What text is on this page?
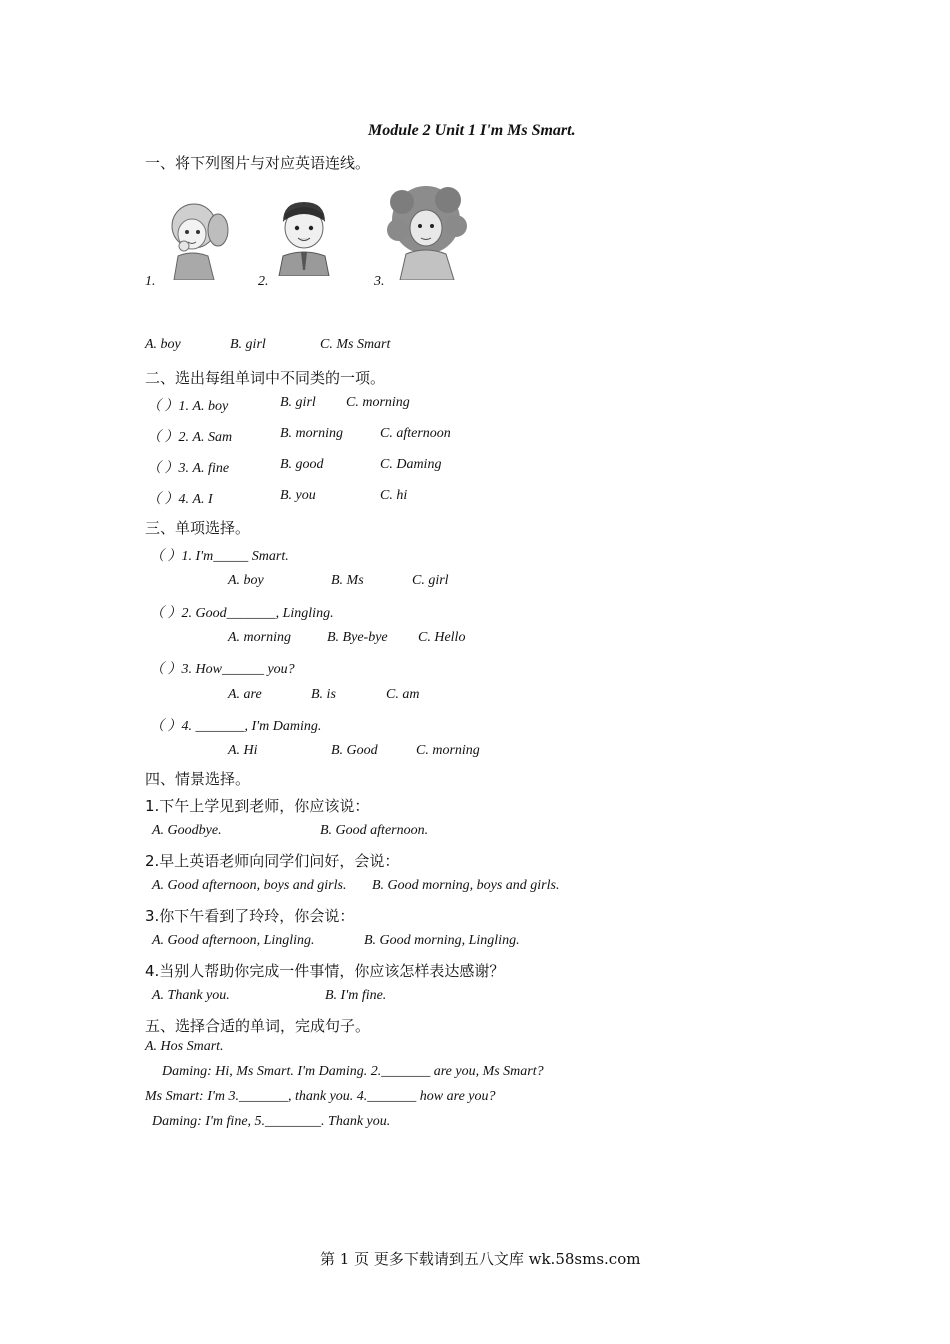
Module 2 Unit 1 I'm Ms Smart.
一、将下列图片与对应英语连线。
1.	2.	3.
A. boy	B. girl	C. Ms Smart
二、选出每组单词中不同类的一项。
（ ）1. A. boy	B. girl C. morning
（ ）2. A. Sam	B. morning	C. afternoon
（ ）3. A. fine	B. good	C. Daming
（ ）4. A. I	B. you	C. hi
三、单项选择。
（ ）1. I'm_____ Smart.
A. boy	B. Ms	C. girl
（ ）2. Good_______, Lingling.
A. morning	B. Bye-bye C. Hello
（ ）3. How______ you?
A. are	B. is	C. am
（ ）4. _______, I'm Daming.
A. Hi	B. Good	C. morning
四、情景选择。
1.下午上学见到老师，你应该说：
A. Goodbye.	B. Good afternoon.
2.早上英语老师向同学们问好，会说：
A. Good afternoon, boys and girls. B. Good morning, boys and girls.
3.你下午看到了玲玲，你会说：
A. Good afternoon, Lingling.	B. Good morning, Lingling.
4.当别人帮助你完成一件事情，你应该怎样表达感谢？
A. Thank you.	B. I'm fine.
五、选择合适的单词，完成句子。
A. Hos Smart.
Daming: Hi, Ms Smart. I'm Daming. 2._______ are you, Ms Smart?
Ms Smart: I'm 3._______, thank you. 4._______ how are you?
Daming: I'm fine, 5.________. Thank you.
第 1 页 更多下载请到五八文库 wk.58sms.com
